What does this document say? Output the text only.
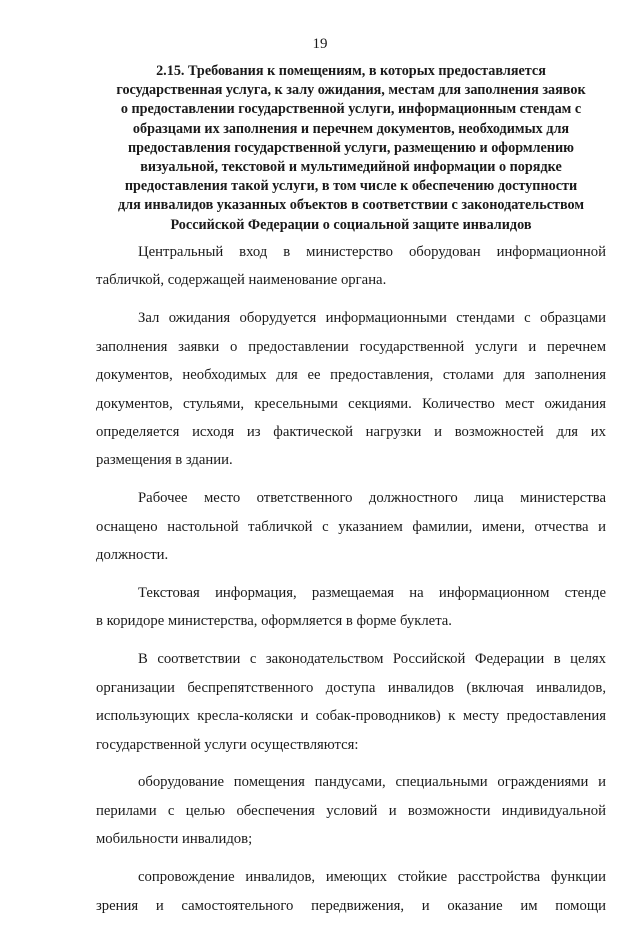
19
2.15. Требования к помещениям, в которых предоставляется
государственная услуга, к залу ожидания, местам для заполнения заявок
о предоставлении государственной услуги, информационным стендам с
образцами их заполнения и перечнем документов, необходимых для
предоставления государственной услуги, размещению и оформлению
визуальной, текстовой и мультимедийной информации о порядке
предоставления такой услуги, в том числе к обеспечению доступности
для инвалидов указанных объектов в соответствии с законодательством
Российской Федерации о социальной защите инвалидов

Центральный вход в министерство оборудован информационной
табличкой, содержащей наименование органа.

Зал ожидания оборудуется информационными стендами с образцами
заполнения заявки о предоставлении государственной услуги и перечнем
документов, необходимых для ее предоставления, столами для заполнения
документов, стульями, кресельными секциями. Количество мест ожидания
определяется исходя из фактической нагрузки и возможностей для их
размещения в здании.

Рабочее место ответственного должностного лица министерства
оснащено настольной табличкой с указанием фамилии, имени, отчества и
должности.

Текстовая информация, размещаемая на информационном стенде
в коридоре министерства, оформляется в форме буклета.

В соответствии с законодательством Российской Федерации в целях
организации беспрепятственного доступа инвалидов (включая инвалидов,
использующих кресла-коляски и собак-проводников) к месту предоставления
государственной услуги осуществляются:

оборудование помещения пандусами, специальными ограждениями и
перилами с целью обеспечения условий и возможности индивидуальной
мобильности инвалидов;

сопровождение инвалидов, имеющих стойкие расстройства функции
зрения и самостоятельного передвижения, и оказание им помощи
